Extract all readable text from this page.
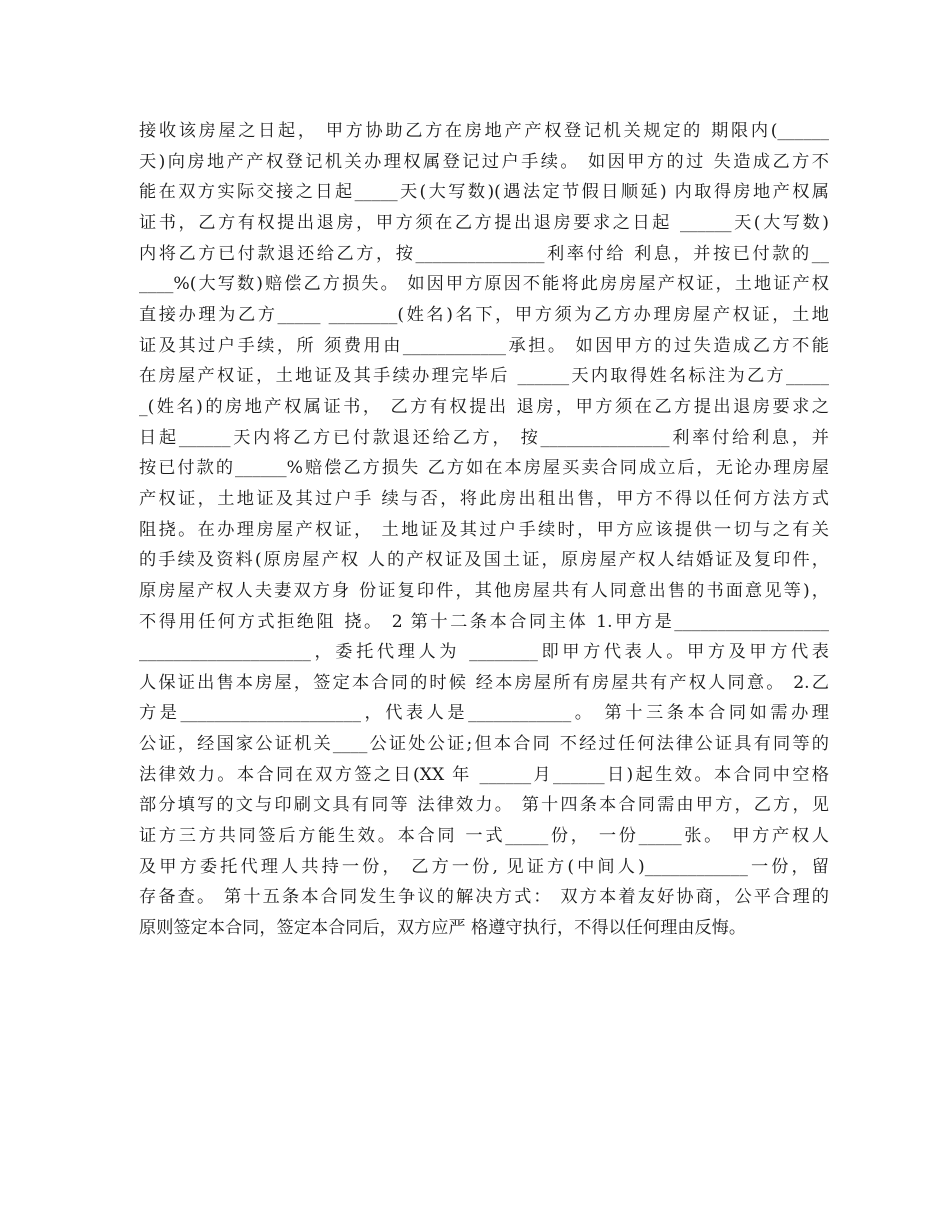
接收该房屋之日起， 甲方协助乙方在房地产产权登记机关规定的 期限内(______
天)向房地产产权登记机关办理权属登记过户手续。 如因甲方的过 失造成乙方不
能在双方实际交接之日起_____天(大写数)(遇法定节假日顺延) 内取得房地产权属
证书，乙方有权提出退房，甲方须在乙方提出退房要求之日起 ______天(大写数)
内将乙方已付款退还给乙方，按_______________利率付给 利息，并按已付款的__
____%(大写数)赔偿乙方损失。 如因甲方原因不能将此房房屋产权证，土地证产权
直接办理为乙方_____ ________(姓名)名下，甲方须为乙方办理房屋产权证，土地
证及其过户手续，所 须费用由____________承担。 如因甲方的过失造成乙方不能
在房屋产权证，土地证及其手续办理完毕后 ______天内取得姓名标注为乙方_____
_(姓名)的房地产权属证书， 乙方有权提出 退房，甲方须在乙方提出退房要求之
日起______天内将乙方已付款退还给乙方， 按_______________利率付给利息，并
按已付款的______%赔偿乙方损失 乙方如在本房屋买卖合同成立后，无论办理房屋
产权证，土地证及其过户手 续与否，将此房出租出售，甲方不得以任何方法方式
阻挠。在办理房屋产权证， 土地证及其过户手续时，甲方应该提供一切与之有关
的手续及资料(原房屋产权 人的产权证及国土证，原房屋产权人结婚证及复印件，
原房屋产权人夫妻双方身 份证复印件，其他房屋共有人同意出售的书面意见等)，
不得用任何方式拒绝阻 挠。 2 第十二条本合同主体 1.甲方是__________________
____________________，委托代理人为 ________即甲方代表人。甲方及甲方代表
人保证出售本房屋，签定本合同的时候 经本房屋所有房屋共有产权人同意。 2.乙
方是_____________________，代表人是____________。 第十三条本合同如需办理
公证，经国家公证机关____公证处公证;但本合同 不经过任何法律公证具有同等的
法律效力。本合同在双方签之日(XX 年 ______月______日)起生效。本合同中空格
部分填写的文与印刷文具有同等 法律效力。 第十四条本合同需由甲方，乙方，见
证方三方共同签后方能生效。本合同 一式_____份， 一份_____张。 甲方产权人
及甲方委托代理人共持一份， 乙方一份, 见证方(中间人)____________一份，留
存备查。 第十五条本合同发生争议的解决方式： 双方本着友好协商，公平合理的
原则签定本合同，签定本合同后，双方应严 格遵守执行，不得以任何理由反悔。
